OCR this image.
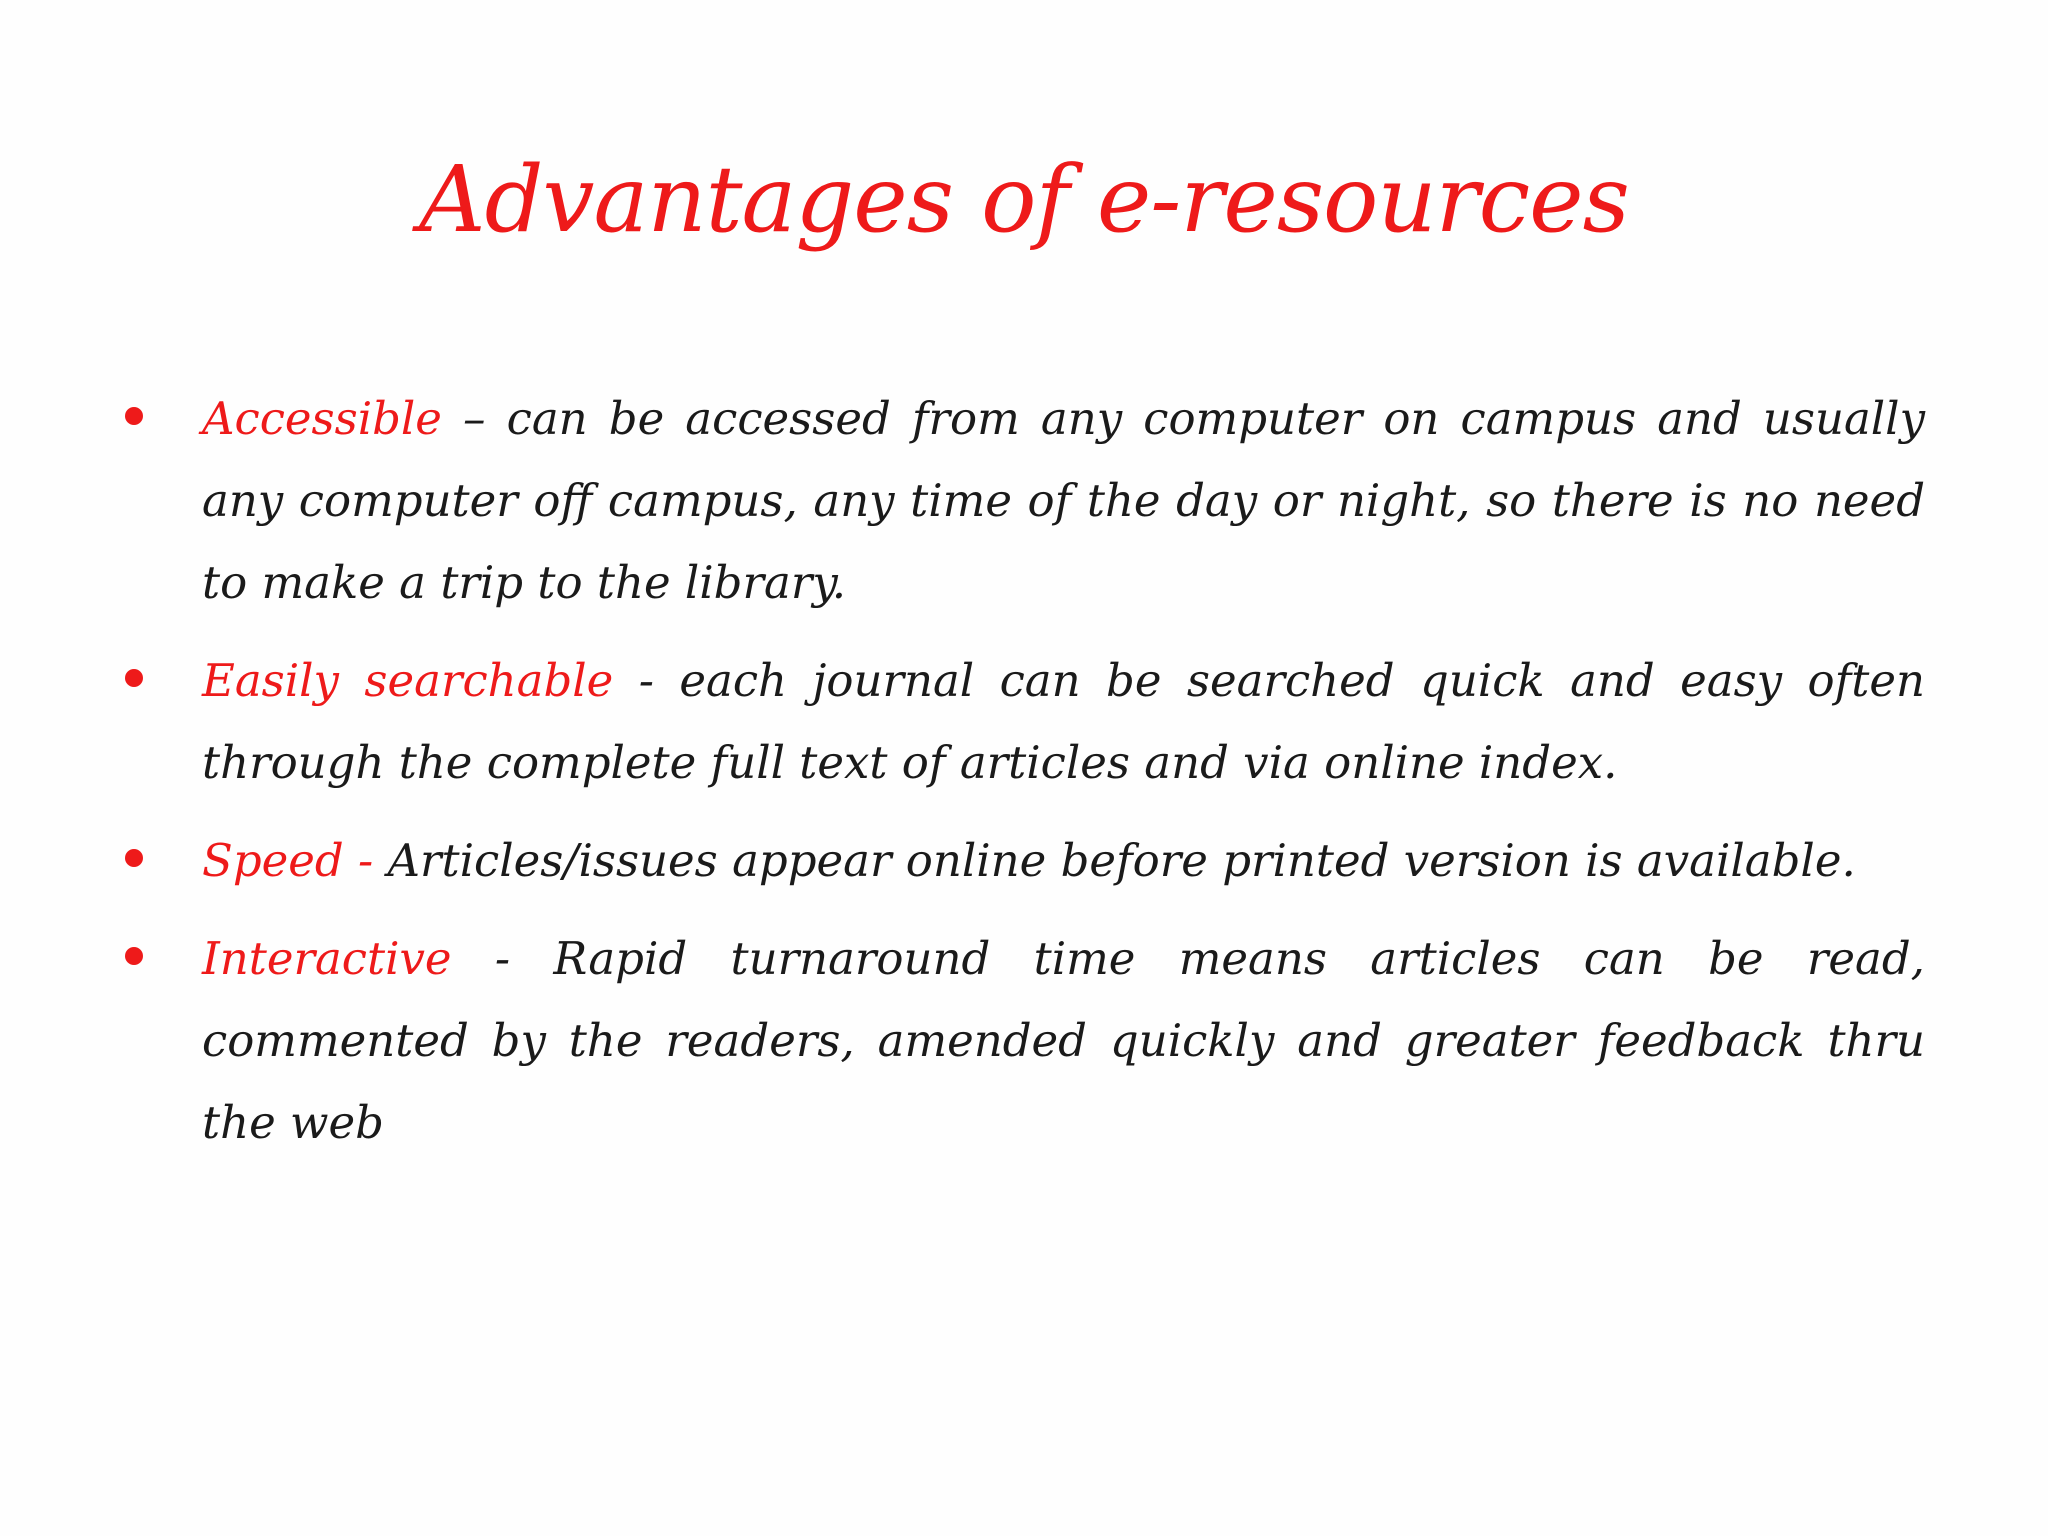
Advantages of e-resources
Accessible – can be accessed from any computer on campus and usually any computer off campus, any time of the day or night, so there is no need to make a trip to the library.
Easily searchable - each journal can be searched quick and easy often through the complete full text of articles and via online index.
Speed - Articles/issues appear online before printed version is available.
Interactive - Rapid turnaround time means articles can be read, commented by the readers, amended quickly and greater feedback thru the web
